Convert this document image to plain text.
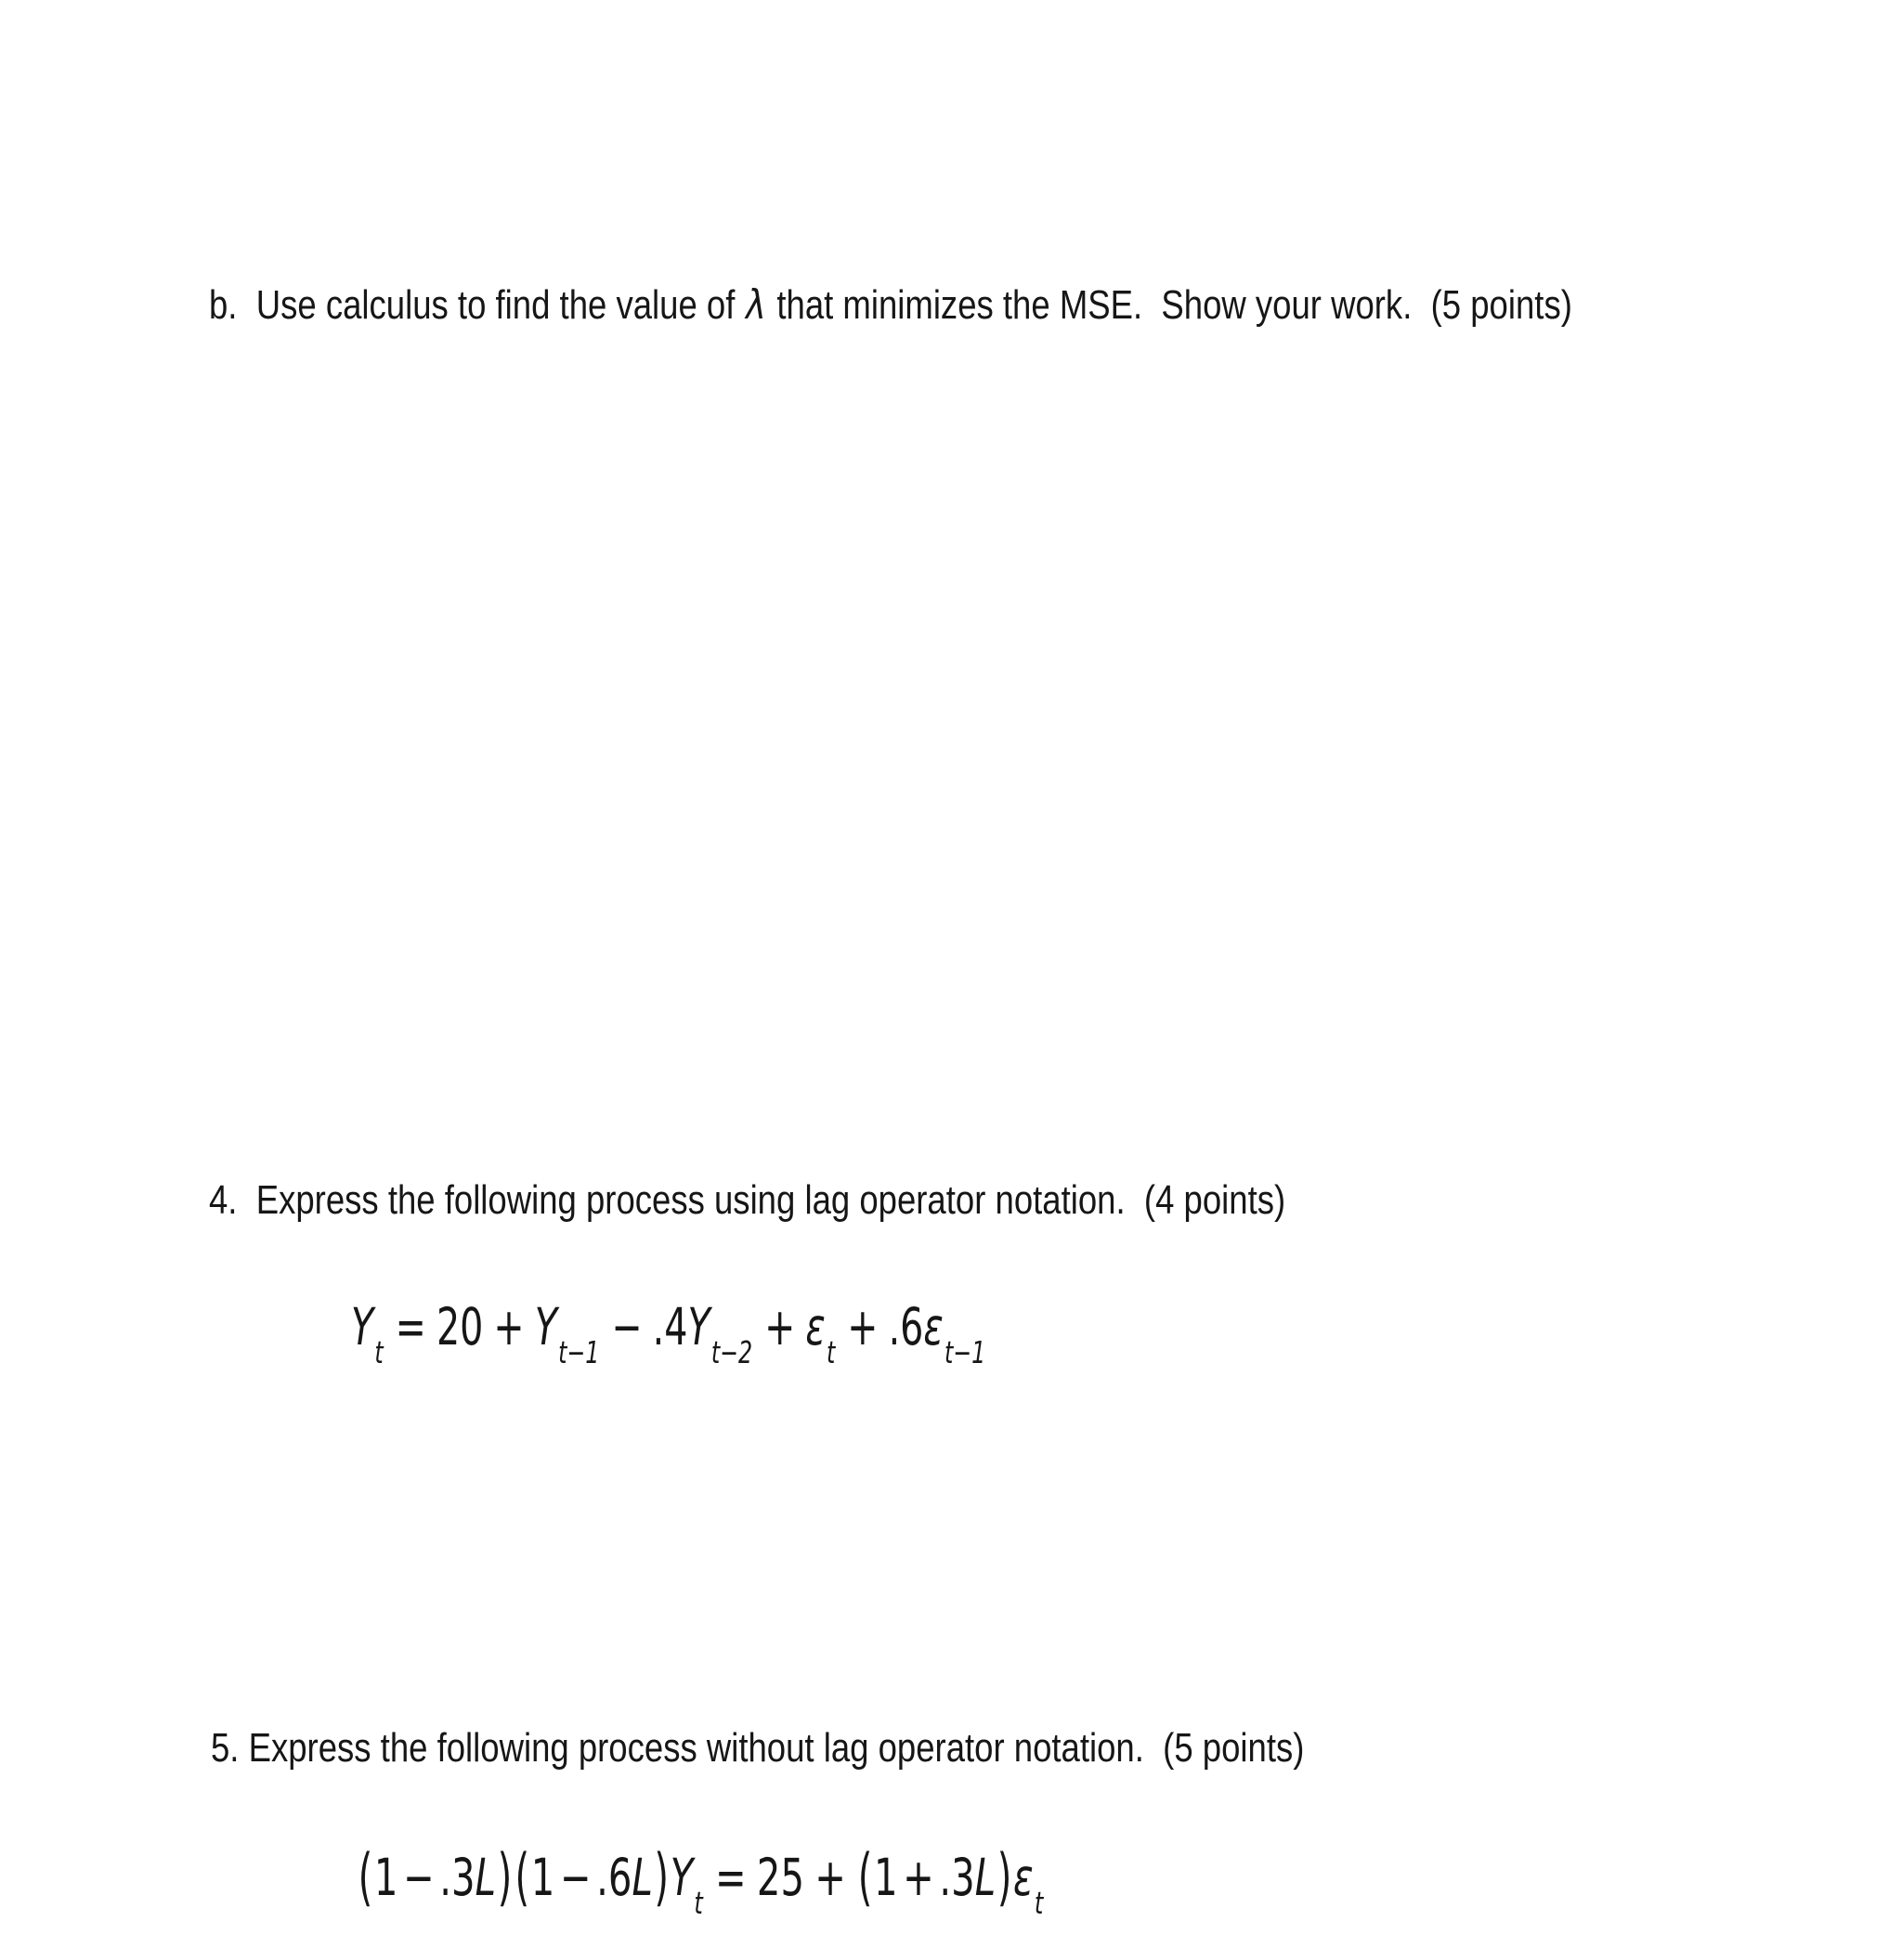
b.  Use calculus to find the value of λ that minimizes the MSE.  Show your work.  (5 points)
4.  Express the following process using lag operator notation.  (4 points)
$Y_t = 20 + Y_{t-1} - .4Y_{t-2} + \varepsilon_t + .6\varepsilon_{t-1}$
5. Express the following process without lag operator notation.  (5 points)
$(1 - .3L)(1 - .6L)Y_t = 25 + (1 + .3L)\varepsilon_t$
